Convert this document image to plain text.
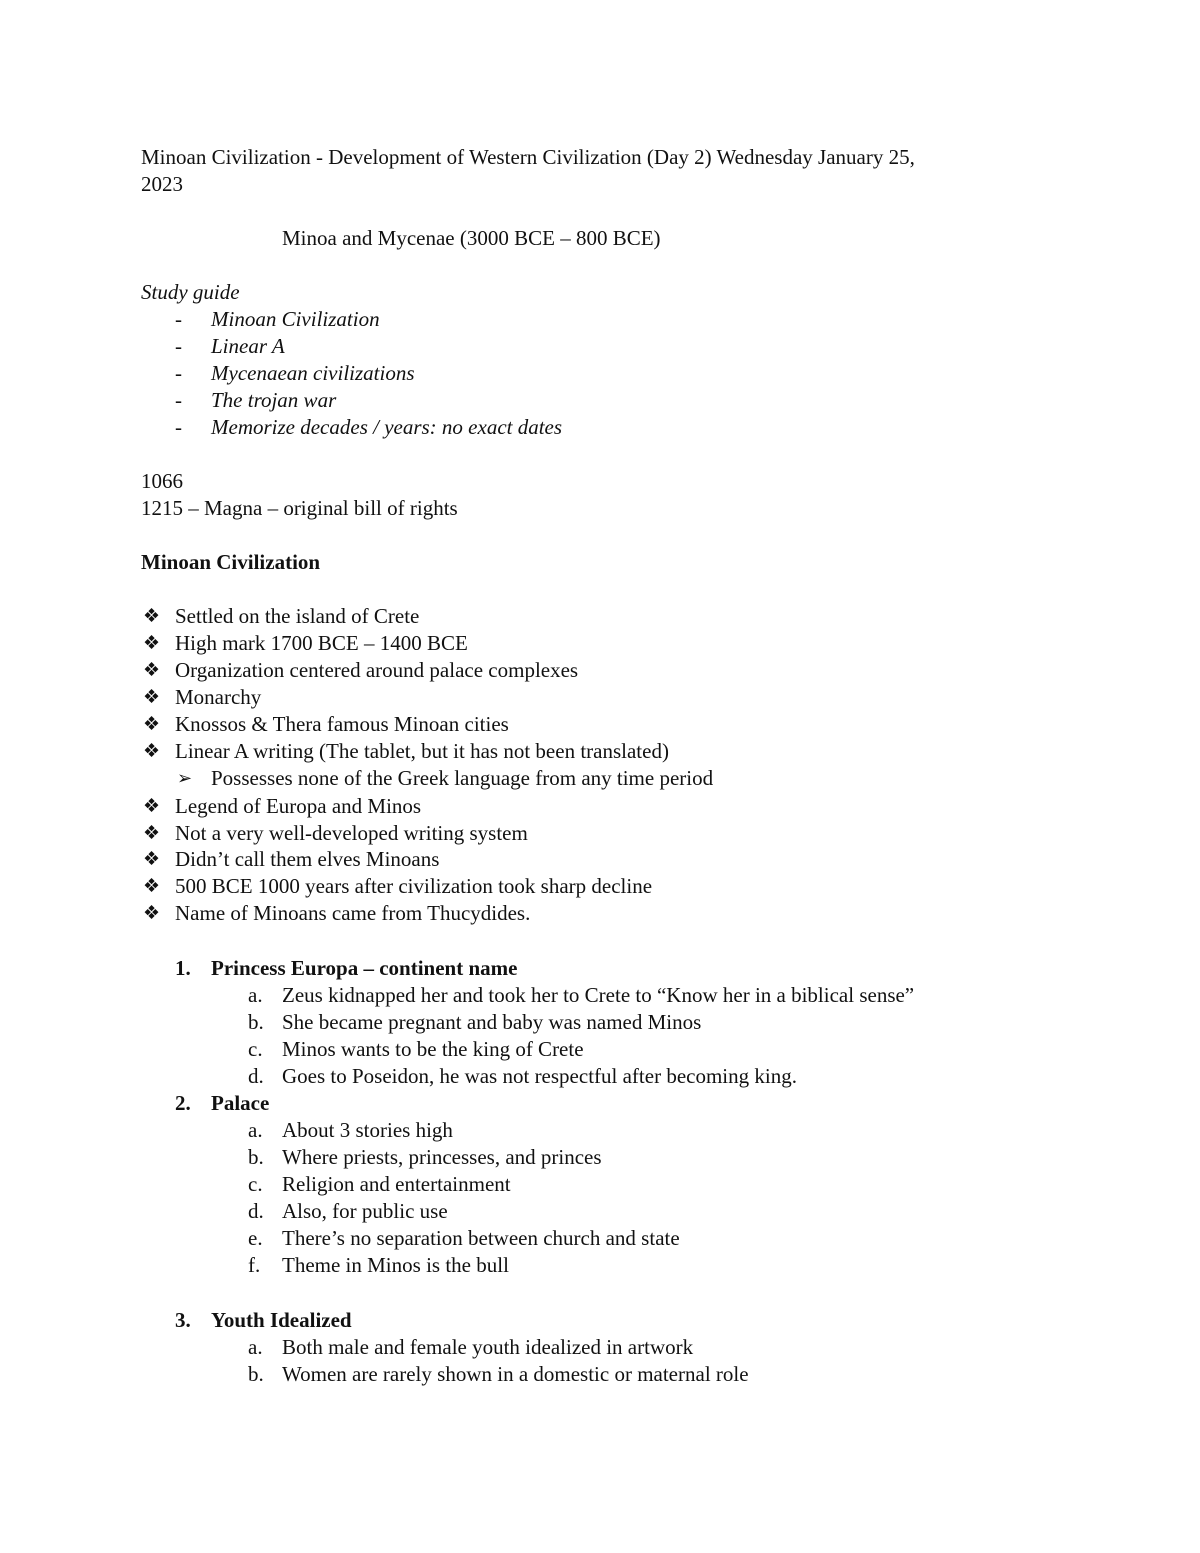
Minoan Civilization - Development of Western Civilization (Day 2) Wednesday January 25,
2023
Minoa and Mycenae (3000 BCE – 800 BCE)
Study guide
- Minoan Civilization
- Linear A
- Mycenaean civilizations
- The trojan war
- Memorize decades / years: no exact dates
1066
1215 – Magna – original bill of rights
Minoan Civilization
❖ Settled on the island of Crete
❖ High mark 1700 BCE – 1400 BCE
❖ Organization centered around palace complexes
❖ Monarchy
❖ Knossos & Thera famous Minoan cities
❖ Linear A writing (The tablet, but it has not been translated)
➢ Possesses none of the Greek language from any time period
❖ Legend of Europa and Minos
❖ Not a very well-developed writing system
❖ Didn’t call them elves Minoans
❖ 500 BCE 1000 years after civilization took sharp decline
❖ Name of Minoans came from Thucydides.
1. Princess Europa – continent name
a. Zeus kidnapped her and took her to Crete to “Know her in a biblical sense”
b. She became pregnant and baby was named Minos
c. Minos wants to be the king of Crete
d. Goes to Poseidon, he was not respectful after becoming king.
2. Palace
a. About 3 stories high
b. Where priests, princesses, and princes
c. Religion and entertainment
d. Also, for public use
e. There’s no separation between church and state
f. Theme in Minos is the bull
3. Youth Idealized
a. Both male and female youth idealized in artwork
b. Women are rarely shown in a domestic or maternal role
